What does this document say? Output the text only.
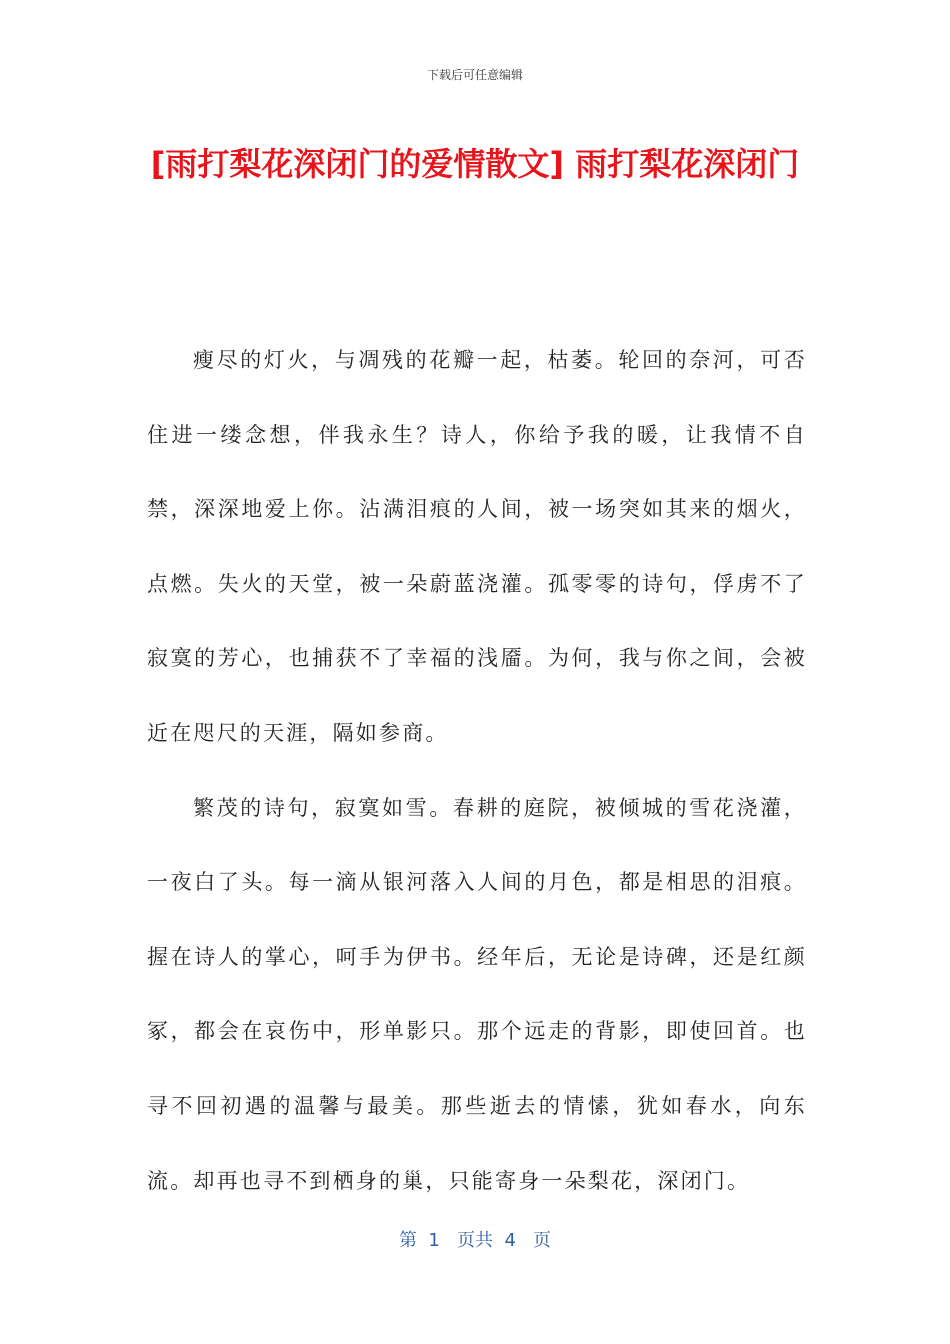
下载后可任意编辑
[雨打梨花深闭门的爱情散文] 雨打梨花深闭门

瘦尽的灯火，与凋残的花瓣一起，枯萎。轮回的奈河，可否住进一缕念想，伴我永生？诗人，你给予我的暖，让我情不自禁，深深地爱上你。沾满泪痕的人间，被一场突如其来的烟火，点燃。失火的天堂，被一朵蔚蓝浇灌。孤零零的诗句，俘虏不了寂寞的芳心，也捕获不了幸福的浅靥。为何，我与你之间，会被近在咫尺的天涯，隔如参商。

繁茂的诗句，寂寞如雪。春耕的庭院，被倾城的雪花浇灌，一夜白了头。每一滴从银河落入人间的月色，都是相思的泪痕。握在诗人的掌心，呵手为伊书。经年后，无论是诗碑，还是红颜冢，都会在哀伤中，形单影只。那个远走的背影，即使回首。也寻不回初遇的温馨与最美。那些逝去的情愫，犹如春水，向东流。却再也寻不到栖身的巢，只能寄身一朵梨花，深闭门。

第  1   页共  4   页
